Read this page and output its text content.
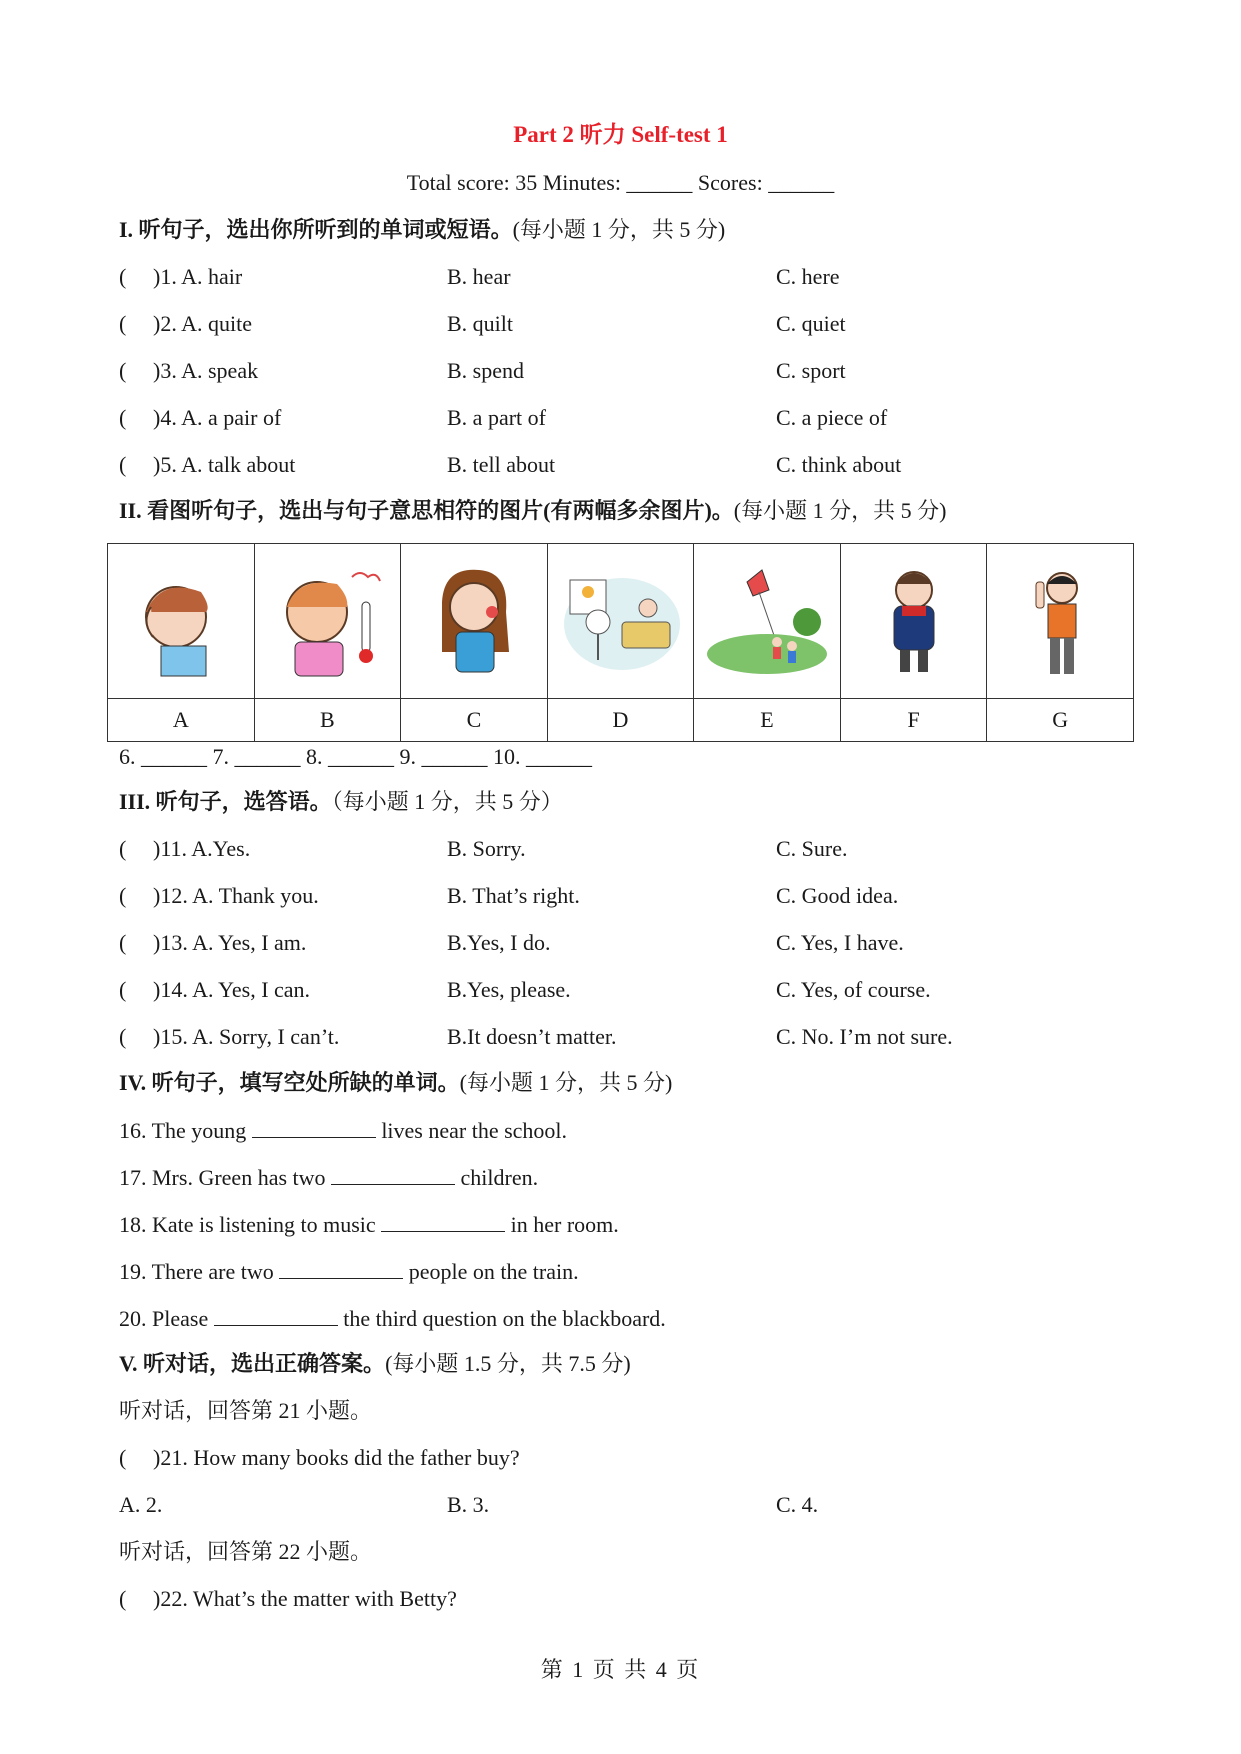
Part 2 听力 Self-test 1
Total score: 35 Minutes: ______ Scores: ______
I. 听句子，选出你所听到的单词或短语。(每小题 1 分，共 5 分)
( )1. A. hair	B. hear	C. here
( )2. A. quite	B. quilt	C. quiet
( )3. A. speak	B. spend	C. sport
( )4. A. a pair of	B. a part of	C. a piece of
( )5. A. talk about	B. tell about	C. think about
II. 看图听句子，选出与句子意思相符的图片(有两幅多余图片)。(每小题 1 分，共 5 分)

A	B	C	D	E	F	G
6. ______ 7. ______ 8. ______ 9. ______ 10. ______
III. 听句子，选答语。（每小题 1 分，共 5 分）
( )11. A.Yes.	B. Sorry.	C. Sure.
( )12. A. Thank you.	B. That’s right.	C. Good idea.
( )13. A. Yes, I am.	B.Yes, I do.	C. Yes, I have.
( )14. A. Yes, I can.	B.Yes, please.	C. Yes, of course.
( )15. A. Sorry, I can’t.	B.It doesn’t matter.	C. No. I’m not sure.
IV. 听句子，填写空处所缺的单词。(每小题 1 分，共 5 分)
16. The young	lives near the school.
17. Mrs. Green has two	children.
18. Kate is listening to music	in her room.
19. There are two	people on the train.
20. Please	the third question on the blackboard.
V. 听对话，选出正确答案。(每小题 1.5 分，共 7.5 分)
听对话，回答第 21 小题。
( )21. How many books did the father buy?
A. 2.	B. 3.	C. 4.
听对话，回答第 22 小题。
( )22. What’s the matter with Betty?
第 1 页 共 4 页
